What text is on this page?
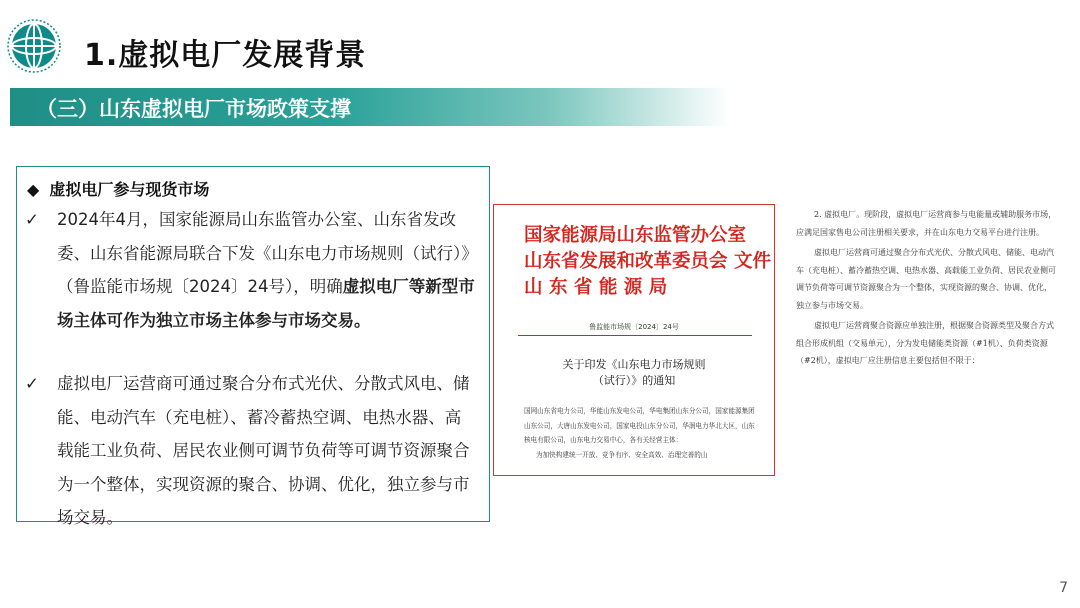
1.虚拟电厂发展背景
（三）山东虚拟电厂市场政策支撑
◆ 虚拟电厂参与现货市场
✓	2024年4月，国家能源局山东监管办公室、山东省发改委、山东省能源局联合下发《山东电力市场规则（试行）》（鲁监能市场规〔2024〕24号），明确虚拟电厂等新型市场主体可作为独立市场主体参与市场交易。
✓	虚拟电厂运营商可通过聚合分布式光伏、分散式风电、储能、电动汽车（充电桩）、蓄冷蓄热空调、电热水器、高载能工业负荷、居民农业侧可调节负荷等可调节资源聚合为一个整体，实现资源的聚合、协调、优化，独立参与市场交易。
国家能源局山东监管办公室
山东省发展和改革委员会 文件
山 东 省 能 源 局
鲁监能市场规〔2024〕24号
关于印发《山东电力市场规则（试行）》的通知
国网山东省电力公司，华能山东发电公司，华电集团山东分公司，国家能源集团山东公司，大唐山东发电公司，国家电投山东分公司，华润电力华北大区，山东核电有限公司，山东电力交易中心，各有关经营主体：
为加快构建统一开放、竞争有序、安全高效、治理完善的山

2. 虚拟电厂。现阶段，虚拟电厂运营商参与电能量或辅助服务市场，应满足国家售电公司注册相关要求，并在山东电力交易平台进行注册。

虚拟电厂运营商可通过聚合分布式光伏、分散式风电、储能、电动汽车（充电桩）、蓄冷蓄热空调、电热水器、高载能工业负荷、居民农业侧可调节负荷等可调节资源聚合为一个整体，实现资源的聚合、协调、优化，独立参与市场交易。

虚拟电厂运营商聚合资源应单独注册，根据聚合资源类型及聚合方式组合形成机组（交易单元），分为发电储能类资源（#1机）、负荷类资源（#2机），虚拟电厂应注册信息主要包括但不限于：

7
